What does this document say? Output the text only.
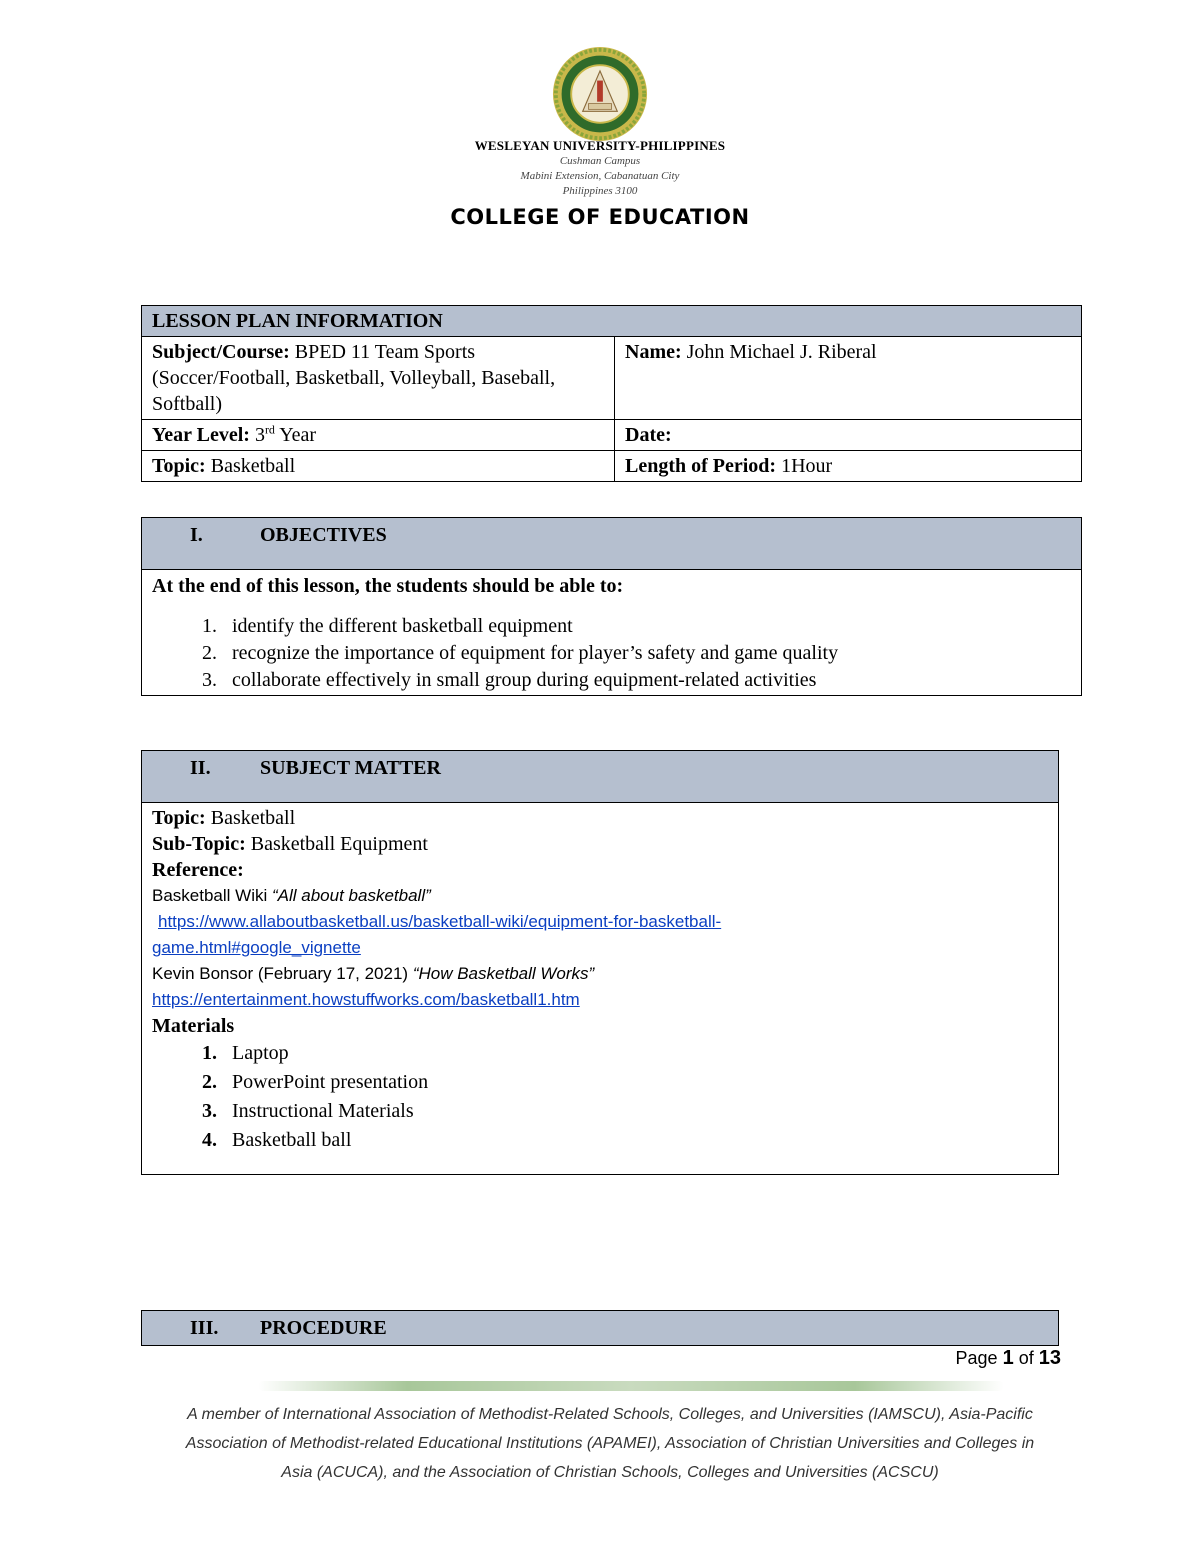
WESLEYAN UNIVERSITY-PHILIPPINES
Cushman Campus
Mabini Extension, Cabanatuan City
Philippines 3100
COLLEGE OF EDUCATION
LESSON PLAN INFORMATION	
Subject/Course: BPED 11 Team Sports (Soccer/Football, Basketball, Volleyball, Baseball, Softball)	Name: John Michael J. Riberal
Year Level: 3rd Year	Date:
Topic: Basketball	Length of Period: 1Hour
I.	OBJECTIVES
At the end of this lesson, the students should be able to:
1. identify the different basketball equipment
2. recognize the importance of equipment for player’s safety and game quality
3. collaborate effectively in small group during equipment-related activities
II. SUBJECT MATTER

Topic: Basketball
Sub-Topic: Basketball Equipment
Reference:
Basketball Wiki “All about basketball”
https://www.allaboutbasketball.us/basketball-wiki/equipment-for-basketball-
game.html#google_vignette
Kevin Bonsor (February 17, 2021) “How Basketball Works”
https://entertainment.howstuffworks.com/basketball1.htm
Materials
1. Laptop
2. PowerPoint presentation
3. Instructional Materials
4. Basketball ball
III. PROCEDURE
Page 1 of 13
A member of International Association of Methodist-Related Schools, Colleges, and Universities (IAMSCU), Asia-Pacific Association of Methodist-related Educational Institutions (APAMEI), Association of Christian Universities and Colleges in Asia (ACUCA), and the Association of Christian Schools, Colleges and Universities (ACSCU)
